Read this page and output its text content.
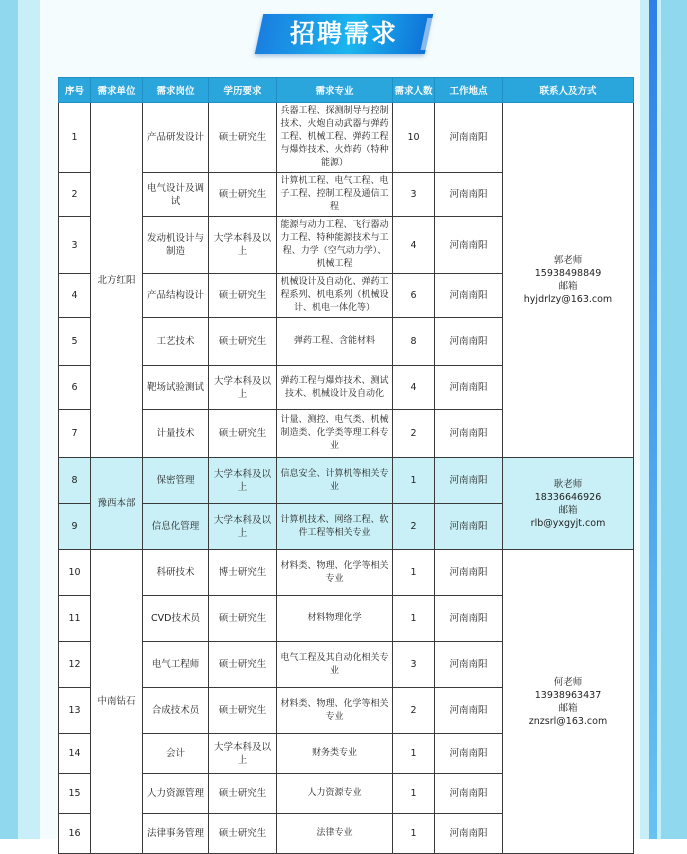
招聘需求
序号	需求单位	需求岗位	学历要求	需求专业	需求人数	工作地点	联系人及方式
1	北方红阳	产品研发设计	硕士研究生	兵器工程、探测制导与控制技术、火炮自动武器与弹药工程、机械工程、弹药工程与爆炸技术、火炸药（特种能源）	10	河南南阳	郭老师
15938498849
邮箱
hyjdrlzy@163.com

2		电气设计及调试	硕士研究生	计算机工程、电气工程、电子工程、控制工程及通信工程	3	河南南阳	
3		发动机设计与制造	大学本科及以上	能源与动力工程、飞行器动力工程、特种能源技术与工程、力学（空气动力学）、机械工程	4	河南南阳	
4		产品结构设计	硕士研究生	机械设计及自动化、弹药工程系列、机电系列（机械设计、机电一体化等）	6	河南南阳	
5		工艺技术	硕士研究生	弹药工程、含能材料	8	河南南阳	
6		靶场试验测试	大学本科及以上	弹药工程与爆炸技术、测试技术、机械设计及自动化	4	河南南阳	
7		计量技术	硕士研究生	计量、测控、电气类、机械制造类、化学类等理工科专业	2	河南南阳	
8	豫西本部	保密管理	大学本科及以上	信息安全、计算机等相关专业	1	河南南阳	耿老师
18336646926
邮箱
rlb@yxgyjt.com

9		信息化管理	大学本科及以上	计算机技术、网络工程、软件工程等相关专业	2	河南南阳	
10	中南钻石	科研技术	博士研究生	材料类、物理、化学等相关专业	1	河南南阳	何老师
13938963437
邮箱
znzsrl@163.com

11		CVD技术员	硕士研究生	材料物理化学	1	河南南阳	
12		电气工程师	硕士研究生	电气工程及其自动化相关专业	3	河南南阳	
13		合成技术员	硕士研究生	材料类、物理、化学等相关专业	2	河南南阳	
14		会计	大学本科及以上	财务类专业	1	河南南阳	
15		人力资源管理	硕士研究生	人力资源专业	1	河南南阳	
16		法律事务管理	硕士研究生	法律专业	1	河南南阳	
